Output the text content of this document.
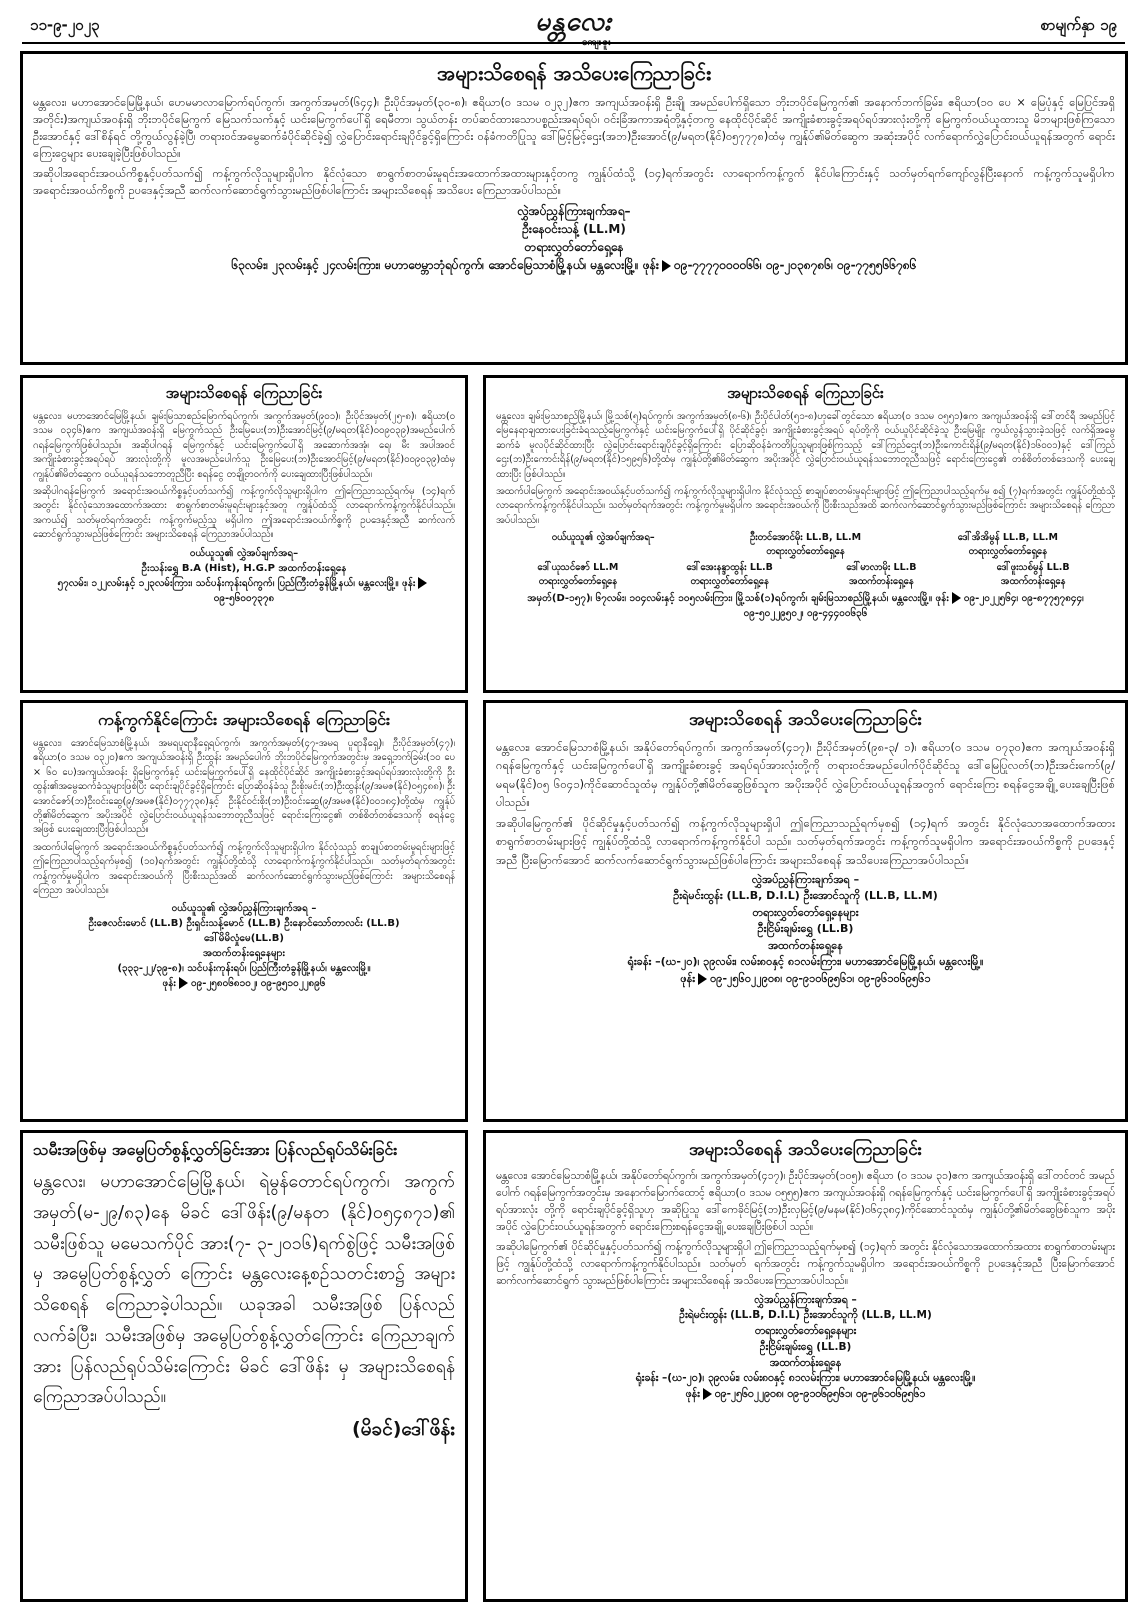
၁၁-၉-၂၀၂၃	မန္တလေး
ကျေးဇူး
စာမျက်နှာ ၁၉
အများသိစေရန် အသိပေးကြေညာခြင်း

မန္တလေး၊ မဟာအောင်မြေမြို့နယ်၊ ဟေမမာလာမြောက်ရပ်ကွက်၊ အကွက်အမှတ်(၆၄၄)၊ ဦးပိုင်အမှတ်(၃၀-၈)၊ ဧရိယာ(၀ ဒသမ ၀၂၃၂)ဧက အကျယ်အဝန်းရှိ ဦးချို အမည်ပေါက်ရှိသော ဘိုးဘပိုင်မြေကွက်၏ အနောက်ဘက်ခြမ်း၊ ဧရိယာ(၁၀ ပေ × မြေပုံနှင့် မြေပြင်အရှိအတိုင်း)အကျယ်အဝန်းရှိ ဘိုးဘပိုင်မြေကွက် မြေသက်သက်နှင့် ယင်းမြေကွက်ပေါ်ရှိ ရေမီတာ၊ သွယ်တန်း တပ်ဆင်ထားသောပစ္စည်းအရပ်ရပ်၊ ဝင်းခြံအကာအရံတို့နှင့်တကွ နေထိုင်ပိုင်ဆိုင် အကျိုးခံစားခွင့်အရပ်ရပ်အားလုံးတို့ကို မြေကွက်ဝယ်ယူထားသူ မိဘများဖြစ်ကြသော ဦးအောင်နှင့် ဒေါ်စိန်ရင် တို့ကွယ်လွန်ခဲ့ပြီ၊ တရားဝင်အမွေဆက်ခံပိုင်ဆိုင်ခဲ့၍ လွှဲပြောင်းရောင်းချပိုင်ခွင့်ရှိကြောင်း ဝန်ခံကတိပြုသူ ဒေါ်မြင့်မြင့်ဌေး(အဘ)ဦးအောင်(၉/မရတ(နိုင်)၀၅၇၇၇၈)ထံမှ ကျွန်ုပ်၏မိတ်ဆွေက အဆုံးအပိုင် လက်ရောက်လွှဲပြောင်းဝယ်ယူရန်အတွက် ရောင်းကြေးငွေများ ပေးချေခဲ့ပြီးဖြစ်ပါသည်။

အဆိုပါအရောင်းအဝယ်ကိစ္စနှင့်ပတ်သက်၍ ကန့်ကွက်လိုသူများရှိပါက နိုင်လုံသော စာရွက်စာတမ်းမူရင်းအထောက်အထားများနှင့်တကွ ကျွန်ုပ်ထံသို့ (၁၄)ရက်အတွင်း လာရောက်ကန့်ကွက် နိုင်ပါကြောင်းနှင့် သတ်မှတ်ရက်ကျော်လွန်ပြီးနောက် ကန့်ကွက်သူမရှိပါက အရောင်းအဝယ်ကိစ္စကို ဥပဒေနှင့်အညီ ဆက်လက်ဆောင်ရွက်သွားမည်ဖြစ်ပါကြောင်း အများသိစေရန် အသိပေး ကြေညာအပ်ပါသည်။

လွှဲအပ်ညွှန်ကြားချက်အရ–
ဦးနေဝင်းသန့် (LL.M)
တရားလွှတ်တော်ရှေ့နေ
၆၃လမ်း၊ ၂၃လမ်းနှင့် ၂၄လမ်းကြား၊ မဟာဗေမ္ဘာဘုံရပ်ကွက်၊ အောင်မြေသာစံမြို့နယ်၊ မန္တလေးမြို့။ ဖုန်း ၀၉-၇၇၇၇၀၀၀၀၆၆၊ ၀၉-၂၀၃၈၇၈၆၊ ၀၉-၇၇၅၅၆၆၇၈၆
အများသိစေရန် ကြေညာခြင်း

မန္တလေး၊ မဟာအောင်မြေမြို့နယ်၊ ချမ်းမြသာစည်မြောက်ရပ်ကွက်၊ အကွက်အမှတ်(၉၀၁)၊ ဦးပိုင်အမှတ်(၂၅-၈)၊ ဧရိယာ(၀ ဒသမ ၀၃၄၆)ဧက အကျယ်အဝန်းရှိ မြေကွက်သည် ဦးမြေပေး(ဘ)ဦးအောင်မြင့်(၉/မရတ(နိုင်)၀၀၉၀၃၉)အမည်ပေါက် ဂရန်မြေကွက်ဖြစ်ပါသည်။ အဆိုပါဂရန် မြေကွက်နှင့် ယင်းမြေကွက်ပေါ်ရှိ အဆောက်အအုံ၊ ရေ၊ မီး အပါအဝင် အကျိုးခံစားခွင့်အရပ်ရပ် အားလုံးတို့ကို မူလအမည်ပေါက်သူ ဦးမြေပေး(ဘ)ဦးအောင်မြင့်(၉/မရတ(နိုင်)၀၀၉၀၃၉)ထံမှ ကျွန်ုပ်၏မိတ်ဆွေက ဝယ်ယူရန်သဘောတူညီပြီး စရန်ငွေ တချို့တဝက်ကို ပေးချေထားပြီးဖြစ်ပါသည်။

အဆိုပါဂရန်မြေကွက် အရောင်းအဝယ်ကိစ္စနှင့်ပတ်သက်၍ ကန့်ကွက်လိုသူများရှိပါက ဤကြေညာသည့်ရက်မှ (၁၄)ရက်အတွင်း နိုင်လုံသောအထောက်အထား စာရွက်စာတမ်းမူရင်းများနှင့်အတူ ကျွန်ုပ်ထံသို့ လာရောက်ကန့်ကွက်နိုင်ပါသည်။ အကယ်၍ သတ်မှတ်ရက်အတွင်း ကန့်ကွက်မည့်သူ မရှိပါက ဤအရောင်းအဝယ်ကိစ္စကို ဥပဒေနှင့်အညီ ဆက်လက်ဆောင်ရွက်သွားမည်ဖြစ်ကြောင်း အများသိစေရန် ကြေညာအပ်ပါသည်။

ဝယ်ယူသူ၏ လွှဲအပ်ချက်အရ–
ဦးသန်းရွှေ B.A (Hist), H.G.P အထက်တန်းရှေ့နေ
၅၇လမ်း၊ ၁၂၂လမ်းနှင့် ၁၂၃လမ်းကြား၊ သင်ပန်းကုန်းရပ်ကွက်၊ ပြည်ကြီးတံခွန်မြို့နယ်၊ မန္တလေးမြို့။ ဖုန်း၀၉-၅၆၀၀၇၃၇၈
အများသိစေရန် ကြေညာခြင်း

မန္တလေး၊ ချမ်းမြသာစည်မြို့နယ်၊ မြို့သစ်(၅)ရပ်ကွက်၊ အကွက်အမှတ်(၈-၆)၊ ဦးပိုင်ပါတ်(၅၁-၈)ဟုခေါ်တွင်သော ဧရိယာ(၀ ဒသမ ၀၅၅၁)ဧက အကျယ်အဝန်းရှိ ဒေါ်တင်ရီ အမည်ပြင့် မြေနေရာချထားပေးခြင်းခံရသည့်မြေကွက်နှင့် ယင်းမြေကွက်ပေါ်ရှိ ပိုင်ဆိုင်ခွင့်၊ အကျိုးခံစားခွင့်အရပ် ရပ်တို့ကို ဝယ်ယူပိုင်ဆိုင်ခဲ့သူ ဦးမြေမျိုး ကွယ်လွန်သွားခဲ့သဖြင့် လက်ရှိအမွေဆက်ခံ မူလပိုင်ဆိုင်ထားပြီး လွှဲပြောင်းရောင်းချပိုင်ခွင့်ရှိကြောင်း ပြောဆိုဝန်ခံကတိပြုသူများဖြစ်ကြသည့် ဒေါ်ကြည်ဌေး(ဘ)ဦးကောင်းရိန်(၉/မရတ(နိုင်)၁၆၀၀၁)နှင့် ဒေါ်ကြည်ဌေး(ဘ)ဦးကောင်းရိန်(၉/မရတ(နိုင်)၁၅၉၅၆)တို့ထံမှ ကျွန်ုပ်တို့၏မိတ်ဆွေက အပိုးအပိုင် လွှဲပြောင်းဝယ်ယူရန်သဘောတူညီသဖြင့် ရောင်းကြေးငွေ၏ တစ်စိတ်တစ်ဒေသကို ပေးချေထားပြီး ဖြစ်ပါသည်။

အထက်ပါမြေကွက် အရောင်းအဝယ်နှင့်ပတ်သက်၍ ကန့်ကွက်လိုသူများရှိပါက နိုင်လုံသည့် စာချုပ်စာတမ်းမူရင်းများဖြင့် ဤကြေညာပါသည့်ရက်မှ စ၍ (၇)ရက်အတွင်း ကျွန်ုပ်တို့ထံသို့ လာရောက်ကန့်ကွက်နိုင်ပါသည်။ သတ်မှတ်ရက်အတွင်း ကန့်ကွက်မှုမရှိပါက အရောင်းအဝယ်ကို ပြီးစီးသည်အထိ ဆက်လက်ဆောင်ရွက်သွားမည်ဖြစ်ကြောင်း အများသိစေရန် ကြေညာအပ်ပါသည်။

ဝယ်ယူသူ၏ လွှဲအပ်ချက်အရ–	ဦးတင်အောင်မိုး LL.B, LL.M
တရားလွှတ်တော်ရှေ့နေ
ဒေါ်အိအိမွန် LL.B, LL.M
တရားလွှတ်တော်ရှေ့နေ
ဒေါ်ယုသင်ဇော် LL.M
တရားလွှတ်တော်ရှေ့နေ
ဒေါ်အေးနန္ဒာထွန်း LL.B
တရားလွှတ်တော်ရှေ့နေ
ဒေါ်မာလာမိုး LL.B
အထက်တန်းရှေ့နေ
ဒေါ်ဖူးသစ်မွန် LL.B
အထက်တန်းရှေ့နေ
အမှတ်(D-၁၅၇)၊ ၆၇လမ်း၊ ၁၀၄လမ်းနှင့် ၁၀၅လမ်းကြား၊ မြို့သစ်(၁)ရပ်ကွက်၊ ချမ်းမြသာစည်မြို့နယ်၊ မန္တလေးမြို့။ ဖုန်း ၀၉-၂၀၂၂၅၆၄၊ ၀၉-၈၇၇၅၇၈၄၄၊ ၀၉-၅၀၂၂၉၅၀၂၊ ၀၉-၄၄၄၀၀၆၃၆
ကန့်ကွက်နိုင်ကြောင်း အများသိစေရန် ကြေညာခြင်း

မန္တလေး၊ အောင်မြေသာစံမြို့နယ်၊ အမရပူရာနီရှေ့ရပ်ကွက်၊ အကွက်အမှတ်(၄၇-အမရ ပူရာနီရှေ့)၊ ဦးပိုင်အမှတ်(၄၇)၊ ဧရိယာ(၀ ဒသမ ၀၃၂၀)ဧက အကျယ်အဝန်းရှိ ဦးထွန်း အမည်ပေါက် ဘိုးဘပိုင်မြေကွက်အတွင်းမှ အရှေ့ဘက်ခြမ်း(၁၀ ပေ × ၆၀ ပေ)အကျယ်အဝန်း ရှိမြေကွက်နှင့် ယင်းမြေကွက်ပေါ်ရှိ နေထိုင်ပိုင်ဆိုင် အကျိုးခံစားခွင့်အရပ်ရပ်အားလုံးတို့ကို ဦးထွန်း၏အမွေဆက်ခံသူများဖြစ်ပြီး ရောင်းချပိုင်ခွင့်ရှိကြောင်း ပြောဆိုဝန်ခံသူ ဦးစိုးမင်း(ဘ)ဦးထွန်း(၉/အမဇ(နိုင်)၀၅၄၈၈)၊ ဦးအောင်ဇော်(ဘ)ဦးဝင်းဆွေ(၉/အမဇ(နိုင်)၀၇၇၇၃၈)နှင့် ဦးနိုင်ဝင်းစိုး(ဘ)ဦးဝင်းဆွေ(၉/အမဇ(နိုင်)၀၀၁၈၄)တို့ထံမှ ကျွန်ုပ်တို့၏မိတ်ဆွေက အပိုးအပိုင် လွှဲပြောင်းဝယ်ယူရန်သဘောတူညီသဖြင့် ရောင်းကြေးငွေ၏ တစ်စိတ်တစ်ဒေသကို စရန်ငွေအဖြစ် ပေးချေထားပြီးဖြစ်ပါသည်။

အထက်ပါမြေကွက် အရောင်းအဝယ်ကိစ္စနှင့်ပတ်သက်၍ ကန့်ကွက်လိုသူများရှိပါက နိုင်လုံသည့် စာချုပ်စာတမ်းမူရင်းများဖြင့် ဤကြေညာပါသည့်ရက်မှစ၍ (၁၀)ရက်အတွင်း ကျွန်ုပ်တို့ထံသို့ လာရောက်ကန့်ကွက်နိုင်ပါသည်။ သတ်မှတ်ရက်အတွင်း ကန့်ကွက်မှုမရှိပါက အရောင်းအဝယ်ကို ပြီးစီးသည်အထိ ဆက်လက်ဆောင်ရွက်သွားမည်ဖြစ်ကြောင်း အများသိစေရန် ကြေညာ အပ်ပါသည်။

ဝယ်ယူသူ၏ လွှဲအပ်ညွှန်ကြားချက်အရ –
ဦးဇေလင်းမောင် (LL.B) ဦးရှင်းသန့်မောင် (LL.B) ဦးနောင်သော်တာလင်း (LL.B)
ဒေါ်မိမိလှုံမေ(LL.B)
အထက်တန်းရှေ့နေများ
(၃၃၃-၂၂/၃၉-၈)၊ သင်ပန်းကုန်းရပ်၊ ပြည်ကြီးတံခွန်မြို့နယ်၊ မန္တလေးမြို့။
ဖုန်း ၀၉-၂၅၈၀၆၈၁၀၂၊ ၀၉-၉၅၁၀၂၂၈၉၆
အများသိစေရန် အသိပေးကြေညာခြင်း

မန္တလေး၊ အောင်မြေသာစံမြို့နယ်၊ အနိုပ်တော်ရပ်ကွက်၊ အကွက်အမှတ်(၄၁၇)၊ ဦးပိုင်အမှတ်(၉၈-၃/ ၁)၊ ဧရိယာ(၀ ဒသမ ၀၇၃၀)ဧက အကျယ်အဝန်းရှိ ဂရန်မြေကွက်နှင့် ယင်းမြေကွက်ပေါ်ရှိ အကျိုးခံစားခွင့် အရပ်ရပ်အားလုံးတို့ကို တရားဝင်အမည်ပေါက်ပိုင်ဆိုင်သူ ဒေါ်မြေပြုလတ်(ဘ)ဦးအင်းကော်(၉/မရမ(နိုင်)၀၅ ၆၀၄၁)ကိုင်ဆောင်သူထံမှ ကျွန်ုပ်တို့၏မိတ်ဆွေဖြစ်သူက အပိုးအပိုင် လွှဲပြောင်းဝယ်ယူရန်အတွက် ရောင်းကြေး စရန်ငွေအချို့ ပေးချေပြီးဖြစ်ပါသည်။

အဆိုပါမြေကွက်၏ ပိုင်ဆိုင်မှုနှင့်ပတ်သက်၍ ကန့်ကွက်လိုသူများရှိပါ ဤကြေညာသည့်ရက်မှစ၍ (၁၄)ရက် အတွင်း နိုင်လုံသောအထောက်အထား စာရွက်စာတမ်းများဖြင့် ကျွန်ုပ်တို့ထံသို့ လာရောက်ကန့်ကွက်နိုင်ပါ သည်။ သတ်မှတ်ရက်အတွင်း ကန့်ကွက်သူမရှိပါက အရောင်းအဝယ်ကိစ္စကို ဥပဒေနှင့်အညီ ပြီးမြောက်အောင် ဆက်လက်ဆောင်ရွက်သွားမည်ဖြစ်ပါကြောင်း အများသိစေရန် အသိပေးကြေညာအပ်ပါသည်။

လွှဲအပ်ညွှန်ကြားချက်အရ –
ဦးရဲမင်းထွန်း (LL.B, D.I.L) ဦးအောင်သူကို (LL.B, LL.M)
တရားလွှတ်တော်ရှေ့နေများ
ဦးငြိမ်းချမ်းရွှေ (LL.B)
အထက်တန်းရှေ့နေ
ရုံးခန်း –(ဃ-၂၀)၊ ၃၉လမ်း၊ လမ်း၈၀နှင့် ၈၁လမ်းကြား၊ မဟာအောင်မြေမြို့နယ်၊ မန္တလေးမြို့။
ဖုန်း ၀၉-၂၅၆၀၂၂၉၀၈၊ ၀၉-၉၁၀၆၉၅၆၁၊ ၀၉-၉၆၁၀၆၉၅၆၁
သမီးအဖြစ်မှ အမွေပြတ်စွန့်လွှတ်ခြင်းအား ပြန်လည်ရုပ်သိမ်းခြင်း

မန္တလေး၊ မဟာအောင်မြေမြို့နယ်၊ ရဲမွန်တောင်ရပ်ကွက်၊ အကွက်အမှတ်(မ-၂၉/၈၃)နေ မိခင် ဒေါ်ဖိန်း(၉/မနတ (နိုင်)၀၅၄၈၇၁)၏ သမီးဖြစ်သူ မမေသက်ပိုင် အား(၇- ၃-၂၀၁၆)ရက်စွဲဖြင့် သမီးအဖြစ်မှ အမွေပြတ်စွန့်လွှတ် ကြောင်း မန္တလေးနေ့စဉ်သတင်းစာ၌ အများသိစေရန် ကြေညာခဲ့ပါသည်။ ယခုအခါ သမီးအဖြစ် ပြန်လည် လက်ခံပြီး၊ သမီးအဖြစ်မှ အမွေပြတ်စွန့်လွှတ်ကြောင်း ကြေညာချက်အား ပြန်လည်ရုပ်သိမ်းကြောင်း မိခင် ဒေါ်ဖိန်း မှ အများသိစေရန် ကြေညာအပ်ပါသည်။

(မိခင်)ဒေါ်ဖိန်း
အများသိစေရန် အသိပေးကြေညာခြင်း

မန္တလေး၊ အောင်မြေသာစံမြို့နယ်၊ အနိုပ်တော်ရပ်ကွက်၊ အကွက်အမှတ်(၄၁၇)၊ ဦးပိုင်အမှတ်(၁၀၅)၊ ဧရိယာ (၀ ဒသမ ၃၁)ဧက အကျယ်အဝန်းရှိ ဒေါ်တင်တင် အမည်ပေါက် ဂရန်မြေကွက်အတွင်းမှ အနောက်မြောက်ထောင့် ဧရိယာ(၀ ဒသမ ၀၅၅၅)ဧက အကျယ်အဝန်းရှိ ဂရန်မြေကွက်နှင့် ယင်းမြေကွက်ပေါ်ရှိ အကျိုးခံစားခွင့်အရပ်ရပ်အားလုံး တို့ကို ရောင်းချပိုင်ခွင့်ရှိသူဟု အဆိုပြုသူ ဒေါ်ကေခိုင်မြင့်(ဘ)ဦးလှမြင့်(၉/မနမ(နိုင်)၀၆၄၃၈၄)ကိုင်ဆောင်သူထံမှ ကျွန်ုပ်တို့၏မိတ်ဆွေဖြစ်သူက အပိုးအပိုင် လွှဲပြောင်းဝယ်ယူရန်အတွက် ရောင်းကြေးစရန်ငွေအချို့ ပေးချေပြီးဖြစ်ပါ သည်။

အဆိုပါမြေကွက်၏ ပိုင်ဆိုင်မှုနှင့်ပတ်သက်၍ ကန့်ကွက်လိုသူများရှိပါ ဤကြေညာသည့်ရက်မှစ၍ (၁၄)ရက် အတွင်း နိုင်လုံသောအထောက်အထား စာရွက်စာတမ်းများဖြင့် ကျွန်ုပ်တို့ထံသို့ လာရောက်ကန့်ကွက်နိုင်ပါသည်။ သတ်မှတ် ရက်အတွင်း ကန့်ကွက်သူမရှိပါက အရောင်းအဝယ်ကိစ္စကို ဥပဒေနှင့်အညီ ပြီးမြောက်အောင် ဆက်လက်ဆောင်ရွက် သွားမည်ဖြစ်ပါကြောင်း အများသိစေရန် အသိပေးကြေညာအပ်ပါသည်။

လွှဲအပ်ညွှန်ကြားချက်အရ –
ဦးရဲမင်းထွန်း (LL.B, D.I.L) ဦးအောင်သူကို (LL.B, LL.M)
တရားလွှတ်တော်ရှေ့နေများ
ဦးငြိမ်းချမ်းရွှေ (LL.B)
အထက်တန်းရှေ့နေ
ရုံးခန်း –(ဃ-၂၀)၊ ၃၉လမ်း၊ လမ်း၈၀နှင့် ၈၁လမ်းကြား၊ မဟာအောင်မြေမြို့နယ်၊ မန္တလေးမြို့။
ဖုန်း ၀၉-၂၅၆၀၂၂၉၀၈၊ ၀၉-၉၁၀၆၉၅၆၁၊ ၀၉-၉၆၁၀၆၉၅၆၁
